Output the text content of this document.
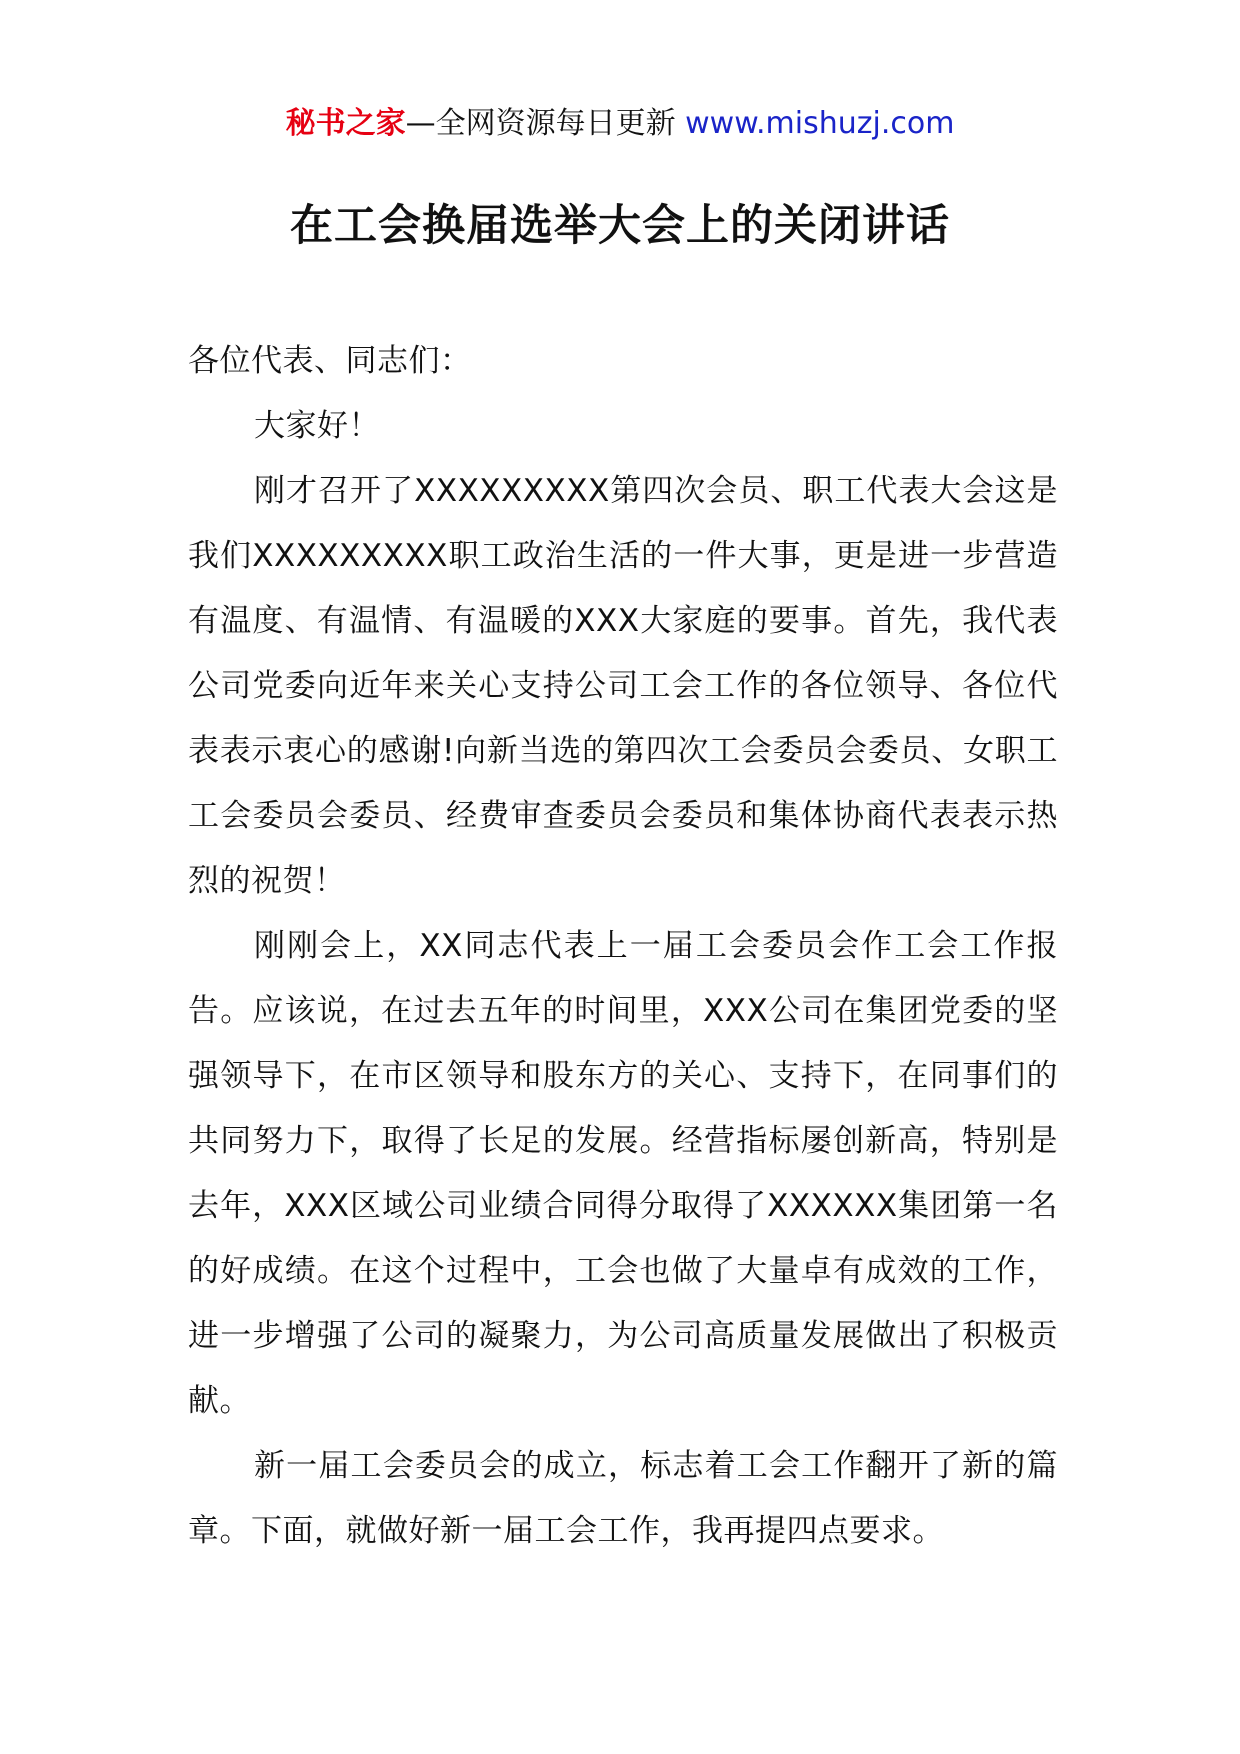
秘书之家—全网资源每日更新 www.mishuzj.com
在工会换届选举大会上的关闭讲话

各位代表、同志们：

大家好！

刚才召开了XXXXXXXXX第四次会员、职工代表大会这是我们XXXXXXXXX职工政治生活的一件大事，更是进一步营造有温度、有温情、有温暖的XXX大家庭的要事。首先，我代表公司党委向近年来关心支持公司工会工作的各位领导、各位代表表示衷心的感谢!向新当选的第四次工会委员会委员、女职工工会委员会委员、经费审查委员会委员和集体协商代表表示热烈的祝贺！

刚刚会上，XX同志代表上一届工会委员会作工会工作报告。应该说，在过去五年的时间里，XXX公司在集团党委的坚强领导下，在市区领导和股东方的关心、支持下，在同事们的共同努力下，取得了长足的发展。经营指标屡创新高，特别是去年，XXX区域公司业绩合同得分取得了XXXXXX集团第一名的好成绩。在这个过程中，工会也做了大量卓有成效的工作，进一步增强了公司的凝聚力，为公司高质量发展做出了积极贡献。

新一届工会委员会的成立，标志着工会工作翻开了新的篇章。下面，就做好新一届工会工作，我再提四点要求。
